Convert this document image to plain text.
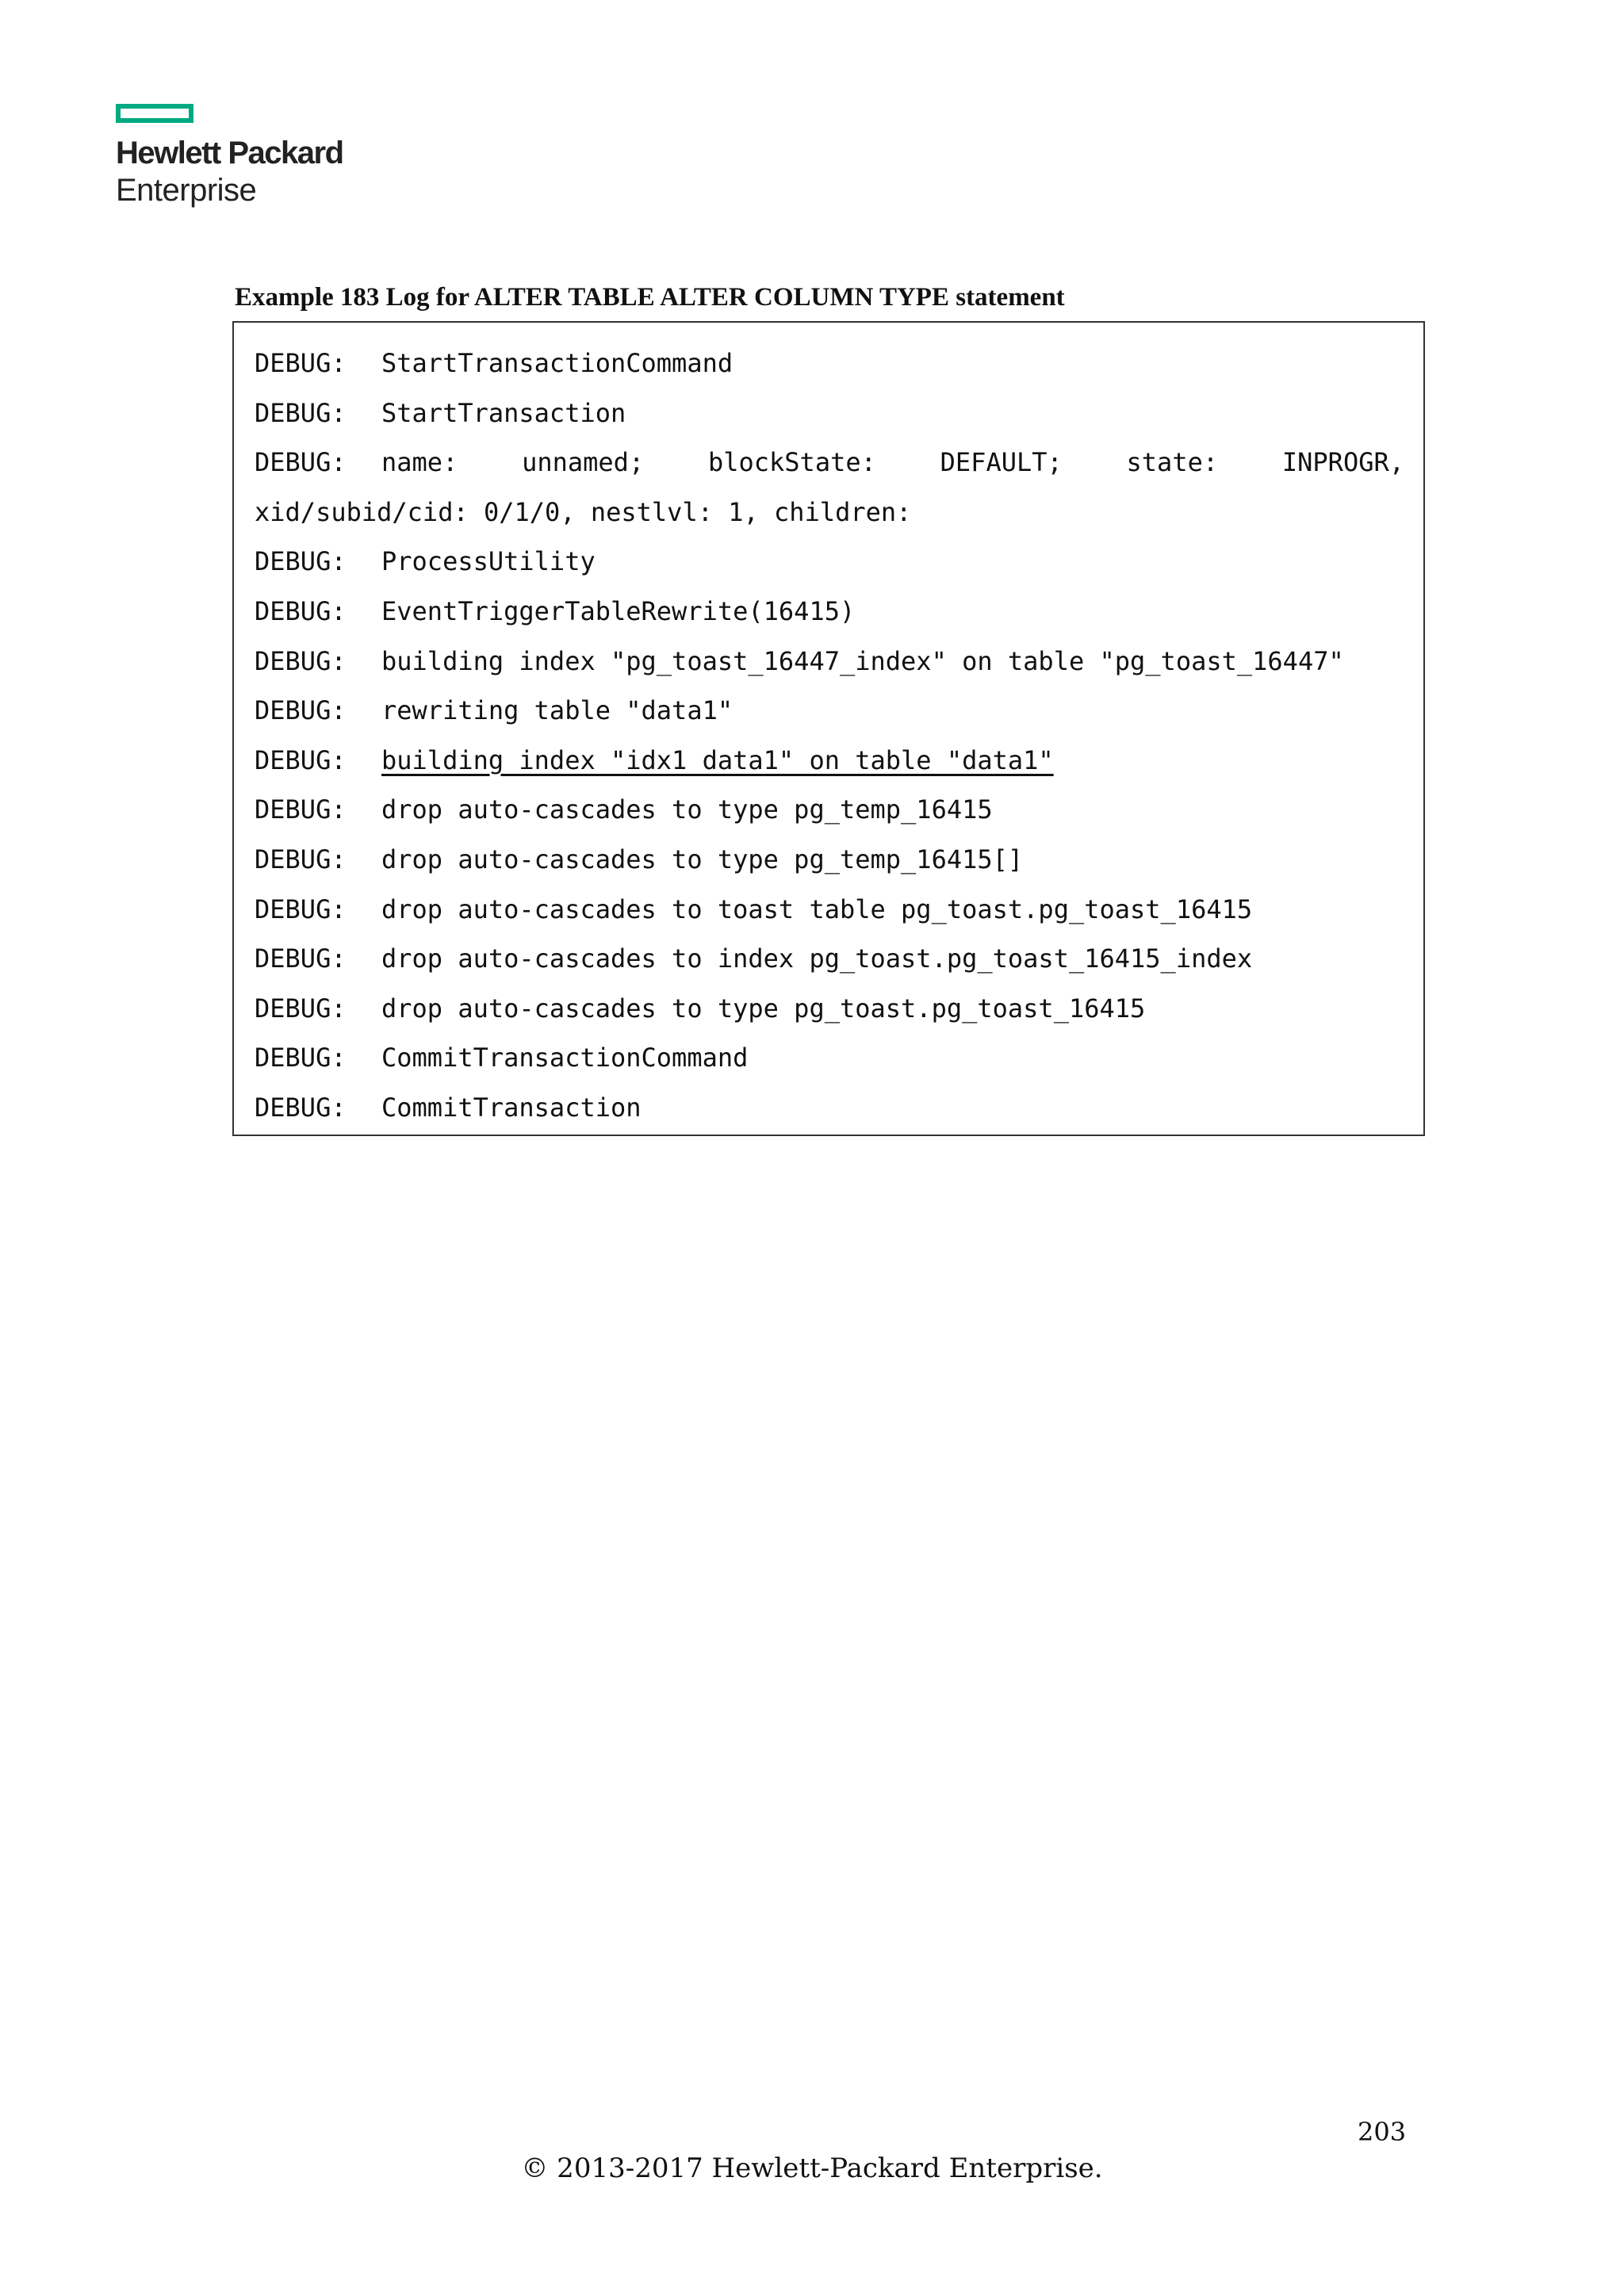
Hewlett Packard
Enterprise
Example 183 Log for ALTER TABLE ALTER COLUMN TYPE statement
DEBUG: StartTransactionCommand
DEBUG: StartTransaction
DEBUG: name: unnamed; blockState: DEFAULT; state: INPROGR,
xid/subid/cid: 0/1/0, nestlvl: 1, children:
DEBUG: ProcessUtility
DEBUG: EventTriggerTableRewrite(16415)
DEBUG: building index "pg_toast_16447_index" on table "pg_toast_16447"
DEBUG: rewriting table "data1"
DEBUG: building index "idx1_data1" on table "data1"
DEBUG: drop auto-cascades to type pg_temp_16415
DEBUG: drop auto-cascades to type pg_temp_16415[]
DEBUG: drop auto-cascades to toast table pg_toast.pg_toast_16415
DEBUG: drop auto-cascades to index pg_toast.pg_toast_16415_index
DEBUG: drop auto-cascades to type pg_toast.pg_toast_16415
DEBUG: CommitTransactionCommand
DEBUG: CommitTransaction
203
© 2013-2017 Hewlett-Packard Enterprise.
